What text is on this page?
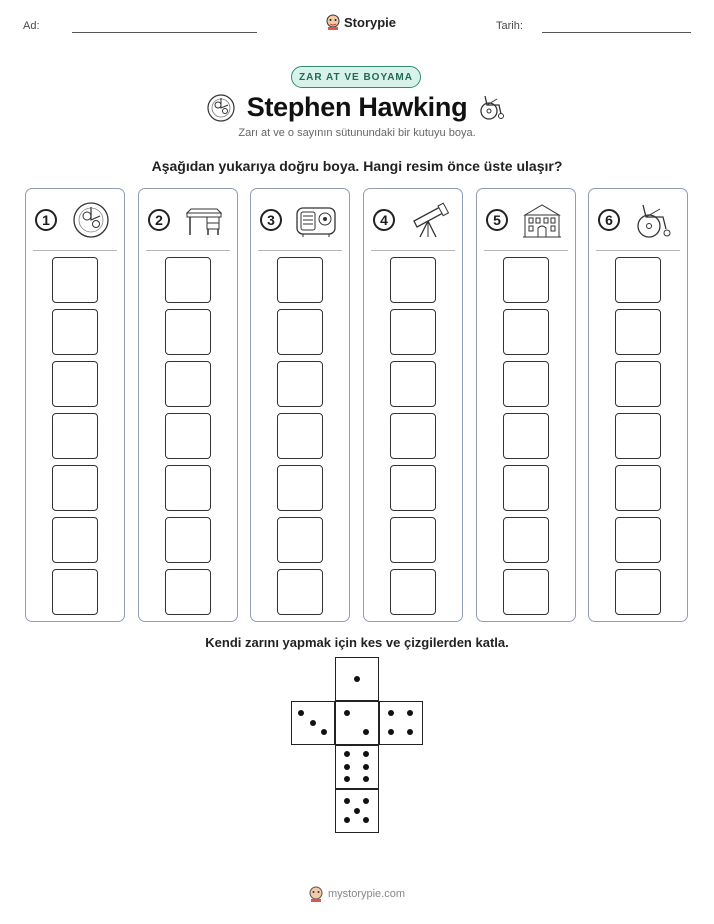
Ad:	Storypie	Tarih:
ZAR AT VE BOYAMA
Stephen Hawking
Zarı at ve o sayının sütunundaki bir kutuyu boya.
Aşağıdan yukarıya doğru boya. Hangi resim önce üste ulaşır?
1	2	3	4	5	6
Kendi zarını yapmak için kes ve çizgilerden katla.
mystorypie.com
